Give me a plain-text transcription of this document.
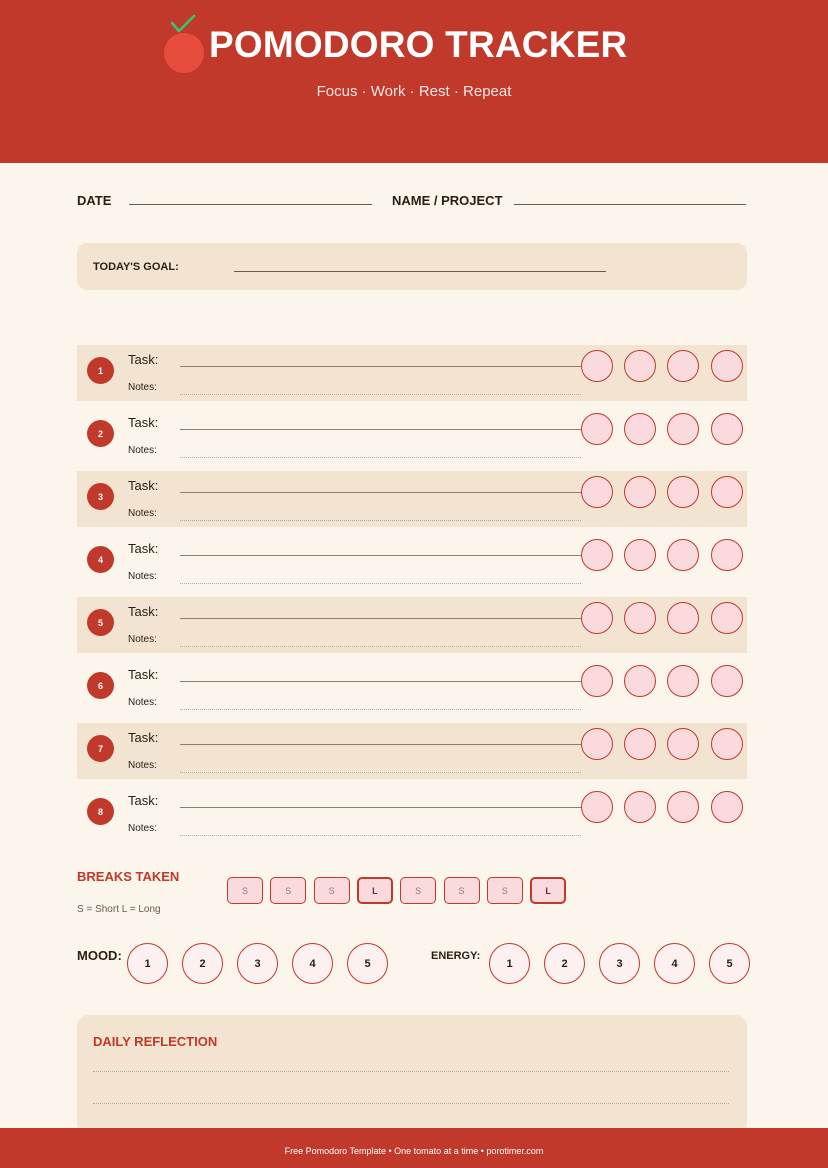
POMODORO TRACKER
Focus · Work · Rest · Repeat
DATE	NAME / PROJECT
TODAY'S GOAL:
1
Task:
Notes:
2
Task:
Notes:
3
Task:
Notes:
4
Task:
Notes:
5
Task:
Notes:
6
Task:
Notes:
7
Task:
Notes:
8
Task:
Notes:
BREAKS TAKEN
S = Short L = Long
S	S	S	L	S	S	S	L
MOOD:
1	2	3	4	5
ENERGY:
1	2	3	4	5
DAILY REFLECTION
Free Pomodoro Template • One tomato at a time • porotimer.com
